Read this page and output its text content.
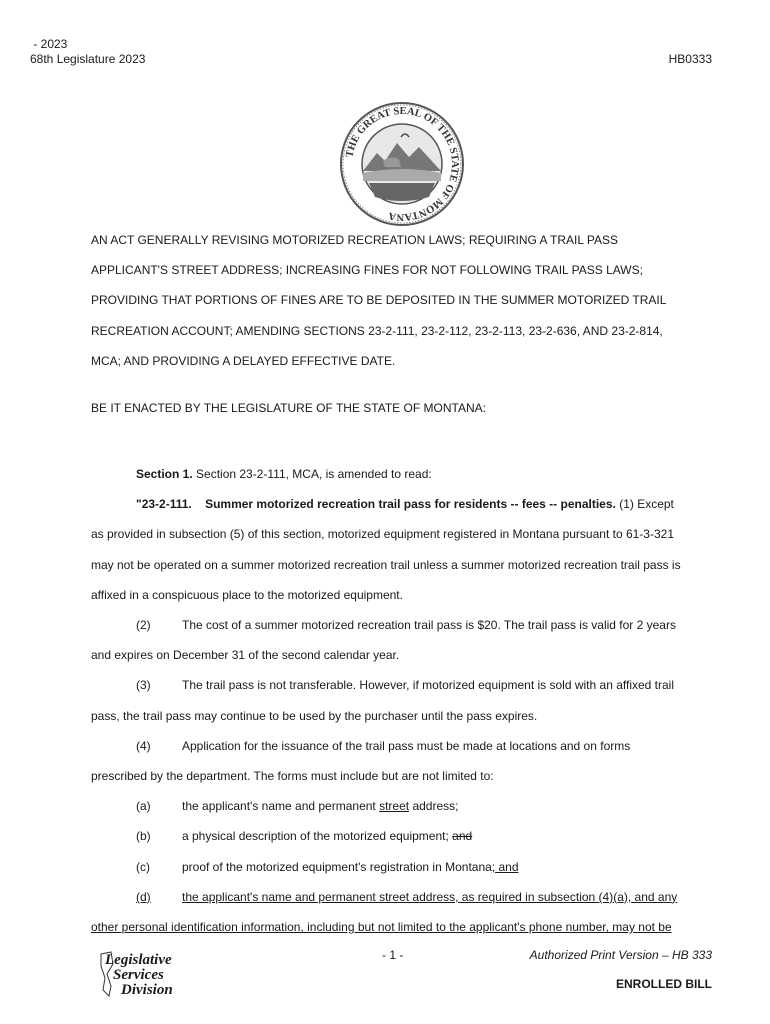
- 2023
68th Legislature 2023	HB0333
THE GREAT SEAL OF THE STATE OF MONTANA

AN ACT GENERALLY REVISING MOTORIZED RECREATION LAWS; REQUIRING A TRAIL PASS

APPLICANT'S STREET ADDRESS; INCREASING FINES FOR NOT FOLLOWING TRAIL PASS LAWS;

PROVIDING THAT PORTIONS OF FINES ARE TO BE DEPOSITED IN THE SUMMER MOTORIZED TRAIL

RECREATION ACCOUNT; AMENDING SECTIONS 23-2-111, 23-2-112, 23-2-113, 23-2-636, AND 23-2-814,

MCA; AND PROVIDING A DELAYED EFFECTIVE DATE.

BE IT ENACTED BY THE LEGISLATURE OF THE STATE OF MONTANA:

Section 1. Section 23-2-111, MCA, is amended to read:

"23-2-111.    Summer motorized recreation trail pass for residents -- fees -- penalties. (1) Except

as provided in subsection (5) of this section, motorized equipment registered in Montana pursuant to 61-3-321

may not be operated on a summer motorized recreation trail unless a summer motorized recreation trail pass is

affixed in a conspicuous place to the motorized equipment.

(2)	The cost of a summer motorized recreation trail pass is $20. The trail pass is valid for 2 years

and expires on December 31 of the second calendar year.

(3)	The trail pass is not transferable. However, if motorized equipment is sold with an affixed trail

pass, the trail pass may continue to be used by the purchaser until the pass expires.

(4)	Application for the issuance of the trail pass must be made at locations and on forms

prescribed by the department. The forms must include but are not limited to:

(a)	the applicant's name and permanent street address;

(b)	a physical description of the motorized equipment; and

(c)	proof of the motorized equipment's registration in Montana; and

(d)	the applicant's name and permanent street address, as required in subsection (4)(a), and any

other personal identification information, including but not limited to the applicant's phone number, may not be

Legislative
Services
Division
- 1 -	Authorized Print Version – HB 333
ENROLLED BILL
